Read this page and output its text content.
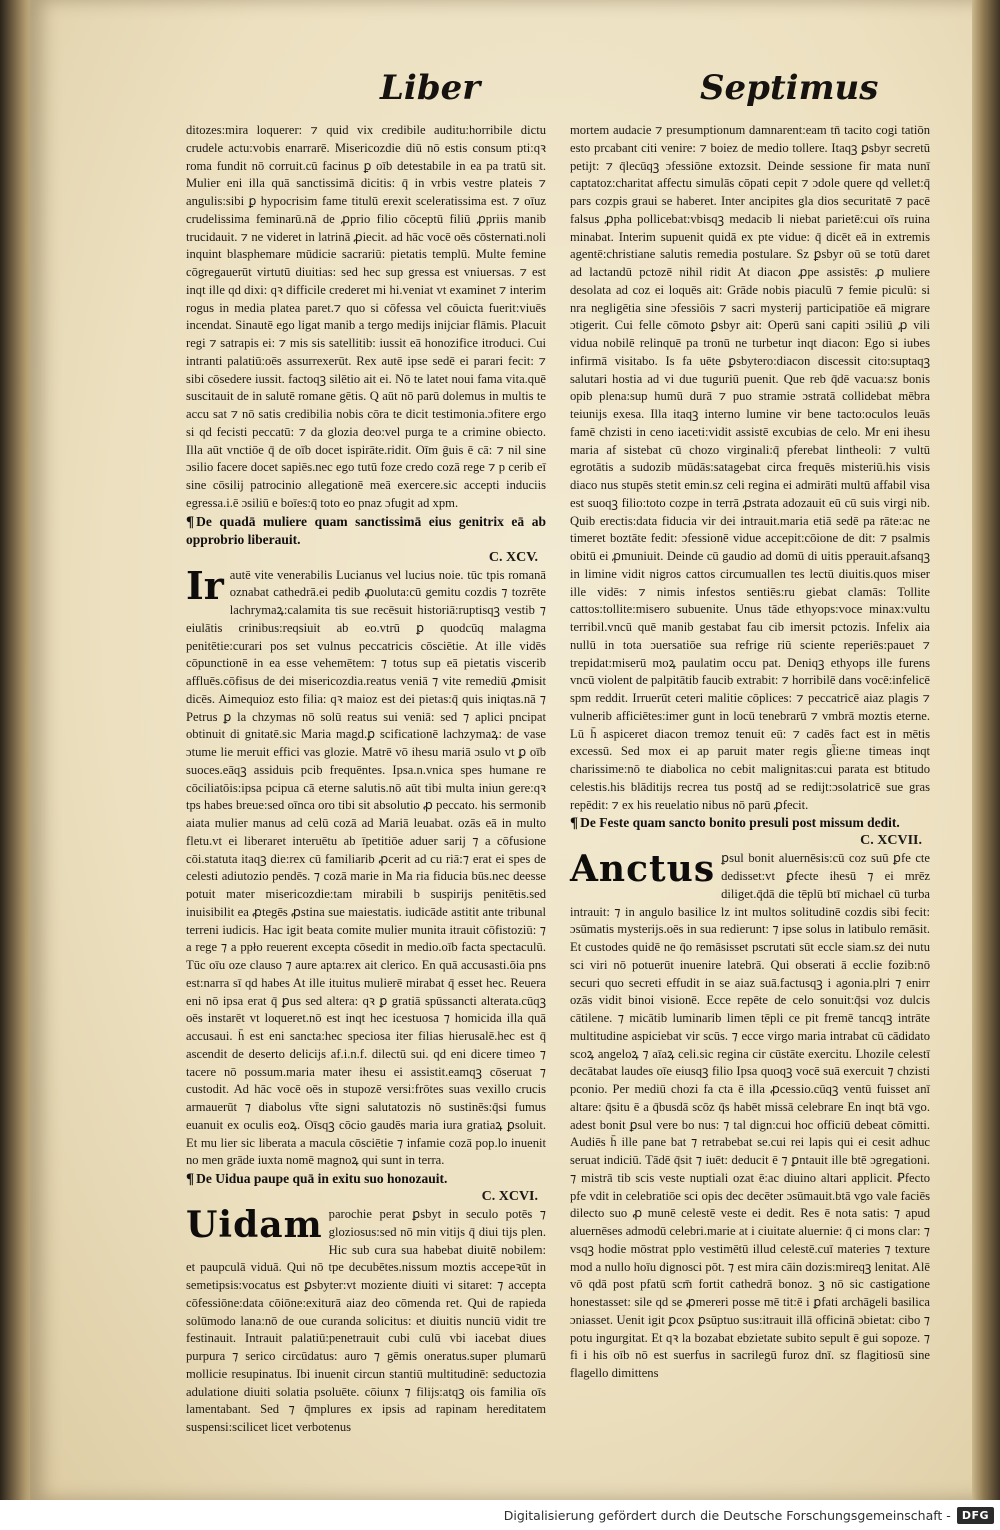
Liber	Septimus

ditozes:mira loquerer: ⁊ quid vix credibile auditu:horribile dictu crudele actu:vobis enarrarē. Misericozdie diū nō estis consum pti:qꝛ roma fundit nō corruit.cū facinus ꝑ oīb detestabile in ea pa tratū sit. Mulier eni illa quā sanctissimā dicitis: q̄ in vrbis vestre plateis ⁊ angulis:sibi ꝑ hypocrisim fame titulū erexit sceleratissima est. ⁊ oīuz crudelissima feminarū.nā de ꝓprio filio cōceptū filiū ꝓpriis manib trucidauit. ⁊ ne videret in latrinā ꝓiecit. ad hāc vocē oēs cōsternati.noli inquint blasphemare mūdicie sacrariū: pietatis templū. Multe femine cōgregauerūt virtutū diuitias: sed hec sup gressa est vniuersas. ⁊ est inqt ille qd dixi: qꝛ difficile crederet mi hi.veniat vt examinet ⁊ interim rogus in media platea paret.⁊ quo si cōfessa vel cōuicta fuerit:viuēs incendat. Sinautē ego ligat manib a tergo medijs inijciar flāmis. Placuit regi ⁊ satrapis ei: ⁊ mis sis satellitib: iussit eā honozifice itroduci. Cui intranti palatiū:oēs assurrexerūt. Rex autē ipse sedē ei parari fecit: ⁊ sibi cōsedere iussit. factoqꝫ silētio ait ei. Nō te latet noui fama vita.quē suscitauit de in salutē romane gētis. Q aūt nō parū dolemus in multis te accu sat ⁊ nō satis credibilia nobis cōra te dicit testimonia.ɔfitere ergo si qd fecisti peccatū: ⁊ da glozia deo:vel purga te a crimine obiecto. Illa aūt vnctiōe q̄ de oīb docet ispirāte.ridit. Oīm ḡuis ē cā: ⁊ nil sine ɔsilio facere docet sapiēs.nec ego tutū foze credo cozā rege ⁊ p cerib eī sine cōsilij patrocinio allegationē meā exercere.sic accepti induciis egressa.i.ē ɔsiliū e boīes:q̄ toto eo pnaz ɔfugit ad xpm.

¶ De quadā muliere quam sanctissimā eius genitrix eā ab opprobrio liberauit.
C. XCV.

Ir autē vite venerabilis Lucianus vel lucius noie. tūc tpis romanā oznabat cathedrā.ei pedib ꝓuoluta:cū gemitu cozdis ⁊ tozrēte lachrymaꝝ:calamita tis sue recēsuit historiā:ruptisqꝫ vestib ⁊ eiulātis crinibus:reqsiuit ab eo.vtrū ꝑ quodcūq malagma penitētie:curari pos set vulnus peccatricis cōsciētie. At ille vidēs cōpunctionē in ea esse vehemētem: ⁊ totus sup eā pietatis viscerib affluēs.cōfisus de dei misericozdia.reatus veniā ⁊ vite remediū ꝓmisit dicēs. Aimequioz esto filia: qꝛ maioz est dei pietas:q̄ quis iniqtas.nā ⁊ Petrus ꝑ la chzymas nō solū reatus sui veniā: sed ⁊ aplici pncipat obtinuit di gnitatē.sic Maria magd.ꝑ scificationē lachzymaꝝ: de vase ɔtume lie meruit effici vas glozie. Matrē vō ihesu mariā ɔsulo vt ꝑ oīb suoces.eāqꝫ assiduis pcib frequēntes. Ipsa.n.vnica spes humane re cōciliatōis:ipsa pcipua cā eterne salutis.nō aūt tibi multa iniun gere:qꝛ tps habes breue:sed oīnca oro tibi sit absolutio ꝓ peccato. his sermonib aiata mulier manus ad celū cozā ad Mariā leuabat. ozās eā in multo fletu.vt ei liberaret interuētu ab īpetitiōe aduer sarij ⁊ a cōfusione cōi.statuta itaqꝫ die:rex cū familiarib ꝓcerit ad cu riā:⁊ erat ei spes de celesti adiutozio pendēs. ⁊ cozā marie in Ma ria fiducia būs.nec deesse potuit mater misericozdie:tam mirabili b suspirijs penitētis.sed inuisibilit ea ꝓtegēs ꝓstina sue maiestatis. iudicāde astitit ante tribunal terreni iudicis. Hac igit beata comite mulier munita itrauit cōfistoziū: ⁊ a rege ⁊ a ppło reuerent excepta cōsedit in medio.oīb facta spectaculū. Tūc oīu oze clauso ⁊ aure apta:rex ait clerico. En quā accusasti.ōia pns est:narra sī qd habes At ille ituitus mulierē mirabat q̄ esset hec. Reuera eni nō ipsa erat q̄ ꝑus sed altera: qꝛ ꝑ gratiā spūssancti alterata.cūqꝫ oēs instarēt vt loqueret.nō est inqt hec icestuosa ⁊ homicida illa quā accusaui. h̄ est eni sancta:hec speciosa iter filias hierusalē.hec est q̄ ascendit de deserto delicijs af.i.n.f. dilectū sui. qd eni dicere timeo ⁊ tacere nō possum.maria mater ihesu ei assistit.eamqꝫ cōseruat ⁊ custodit. Ad hāc vocē oēs in stupozē versi:frōtes suas vexillo crucis armauerūt ⁊ diabolus vt̄te signi salutatozis nō sustinēs:q̄si fumus euanuit ex oculis eoꝝ. Oīsqꝫ cōcio gaudēs maria iura gratiaꝝ ꝑsoluit. Et mu lier sic liberata a macula cōsciētie ⁊ infamie cozā pop.lo inuenit no men grāde iuxta nomē magnoꝝ qui sunt in terra.

¶ De Uidua paupe quā in exitu suo honozauit.
C. XCVI.

Uidam parochie perat ꝑsbyt in seculo potēs ⁊ gloziosus:sed nō min vitijs q̄ diui tijs plen. Hic sub cura sua habebat diuitē nobilem: et paupculā viduā. Qui nō tpe decubētes.nissum moztis accepeꝛūt in semetipsis:vocatus est ꝑsbyter:vt moziente diuiti vi sitaret: ⁊ accepta cōfessiōne:data cōiōne:exiturā aiaz deo cōmenda ret. Qui de rapieda solūmodo lana:nō de oue curanda solicitus: et diuitis nunciū vidit tre festinauit. Intrauit palatiū:penetrauit cubi culū vbi iacebat diues purpura ⁊ serico circūdatus: auro ⁊ gēmis oneratus.super plumarū mollicie resupinatus. Ibi inuenit circun stantiū multitudinē: seductozia adulatione diuiti solatia psoluēte. cōiunx ⁊ filijs:atqꝫ ois familia oīs lamentabant. Sed ⁊ q̄mplures ex ipsis ad rapinam hereditatem suspensi:scilicet licet verbotenus

mortem audacie ⁊ presumptionum damnarent:eam tn̄ tacito cogi tatiōn esto prcabant citi venire: ⁊ boiez de medio tollere. Itaqꝫ ꝑsbyr secretū petijt: ⁊ q̄lecūqꝫ ɔfessiōne extozsit. Deinde sessione fir mata nunī captatoz:charitat affectu simulās cōpati cepit ⁊ ɔdole quere qd vellet:q̄ pars cozpis graui se haberet. Inter ancipites gla dios securitatē ⁊ pacē falsus ꝓpha pollicebat:vbisqꝫ medacib li niebat parietē:cui oīs ruina minabat. Interim supuenit quidā ex pte vidue: q̄ dicēt eā in extremis agentē:christiane salutis remedia postulare. Sz ꝑsbyr oū se totū daret ad lactandū pctozē nihil ridit At diacon ꝓpe assistēs: ꝓ muliere desolata ad coz ei loquēs ait: Grāde nobis piaculū ⁊ femie piculū: si nra negligētia sine ɔfessiōis ⁊ sacri mysterij participatiōe eā migrare ɔtigerit. Cui felle cōmoto ꝑsbyr ait: Operū sani capiti ɔsiliū ꝓ vili vidua nobilē relinquē pa tronū ne turbetur inqt diacon: Ego si iubes infirmā visitabo. Is fa uēte ꝑsbytero:diacon discessit cito:suptaqꝫ salutari hostia ad vi due tuguriū puenit. Que reb q̄dē vacua:sz bonis opib plena:sup humū durā ⁊ puo stramie ɔstratā collidebat mēbra teiunijs exesa. Illa itaqꝫ interno lumine vir bene tacto:oculos leuās famē chzisti in ceno iaceti:vidit assistē excubias de celo. Mr eni ihesu maria af sistebat cū chozo virginali:q̄ pferebat lintheoli: ⁊ vultū egrotātis a sudozib mūdās:satagebat circa frequēs misteriū.his visis diaco nus stupēs stetit emin.sz celi regina ei admirāti multū affabil visa est suoqꝫ filio:toto cozpe in terrā ꝓstrata adozauit eū cū suis virgi nib. Quib erectis:data fiducia vir dei intrauit.maria etiā sedē pa rāte:ac ne timeret boztāte fedit: ɔfessionē vidue accepit:cōione de dit: ⁊ psalmis obitū ei ꝓmuniuit. Deinde cū gaudio ad domū di uitis pperauit.afsanqꝫ in limine vidit nigros cattos circumuallen tes lectū diuitis.quos miser ille vidēs: ⁊ nimis infestos sentiēs:ru giebat clamās: Tollite cattos:tollite:misero subuenite. Unus tāde ethyops:voce minax:vultu terribil.vncū quē manib gestabat fau cib imersit pctozis. Infelix aia nullū in tota ɔuersatiōe sua refrige riū sciente reperiēs:pauet ⁊ trepidat:miserū moꝝ paulatim occu pat. Deniqꝫ ethyops ille furens vncū violent de palpitātib faucib extrabit: ⁊ horribilē dans vocē:infelicē spm reddit. Irruerūt ceteri malitie cōplices: ⁊ peccatricē aiaz plagis ⁊ vulnerib afficiētes:imer gunt in locū tenebrarū ⁊ vmbrā moztis eterne. Lū h̄ aspiceret diacon tremoz tenuit eū: ⁊ cadēs fact est in mētis excessū. Sed mox ei ap paruit mater regis gl̄ie:ne timeas inqt charissime:nō te diabolica no cebit malignitas:cui parata est btitudo celestis.his blāditijs recrea tus postq̄ ad se redijt:ɔsolatricē sue gras repēdit: ⁊ ex his reuelatio nibus nō parū ꝓfecit.

¶ De Feste quam sancto bonito presuli post missum dedit.
C. XCVII.

Anctus ꝑsul bonit aluernēsis:cū coz suū ꝑfe cte dedisset:vt ꝑfecte ihesū ⁊ ei mrēz diliget.q̄dā die tēplū btī michael cū turba intrauit: ⁊ in angulo basilice lz int multos solitudinē cozdis sibi fecit: ɔsūmatis mysterijs.oēs in sua redierunt: ⁊ ipse solus in latibulo remāsit. Et custodes quidē ne q̄o remāsisset pscrutati sūt eccle siam.sz dei nutu sci viri nō potuerūt inuenire latebrā. Qui obserati ā ecclie fozib:nō securi quo secreti effudit in se aiaz suā.factusqꝫ i agonia.plri ⁊ enirr ozās vidit binoi visionē. Ecce repēte de celo sonuit:q̄si voz dulcis cātilene. ⁊ micātib luminarib limen tēpli ce pit fremē tancqꝫ intrāte multitudine aspiciebat vir scūs. ⁊ ecce virgo maria intrabat cū cādidato scoꝝ angeloꝝ ⁊ aīaꝝ celi.sic regina cir cūstāte exercitu. Lhozile celestī decātabat laudes oīe eiusqꝫ filio Ipsa quoqꝫ vocē suā exercuit ⁊ chzisti pconio. Per mediū chozi fa cta ē illa ꝓcessio.cūqꝫ ventū fuisset anī altare: q̄situ ē a q̄busdā scōz q̄s habēt missā celebrare En inqt btā vgo. adest bonit ꝑsul vere bo nus: ⁊ tal dign:cui hoc officiū debeat cōmitti. Audiēs h̄ ille pane bat ⁊ retrabebat se.cui rei lapis qui ei cesit adhuc seruat indiciū. Tādē q̄sit ⁊ iuēt: deducit ē ⁊ ꝑntauit ille btē ɔgregationi. ⁊ mistrā tib scis veste nuptiali ozat ē:ac diuino altari applicit. Ꝑfecto pfe vdit in celebratiōe sci opis dec decēter ɔsūmauit.btā vgo vale faciēs dilecto suo ꝓ munē celestē veste ei dedit. Res ē nota satis: ⁊ apud aluernēses admodū celebri.marie at i ciuitate aluernie: q̄ ci mons clar: ⁊ vsqꝫ hodie mōstrat pplo vestimētū illud celestē.cuī materies ⁊ texture mod a nullo hoīu dignosci pōt. ⁊ est mira cāin dozis:mireqꝫ lenitat. Alē vō qdā post pfatū scm̄ fortit cathedrā bonoz. ꝫ nō sic castigatione honestasset: sile qd se ꝓmereri posse mē tit:ē i ꝑfati archāgeli basilica ɔniasset. Uenit igit ꝑcox ꝑsūptuo sus:itrauit illā officinā ɔbietat: cibo ⁊ potu ingurgitat. Et qꝛ la bozabat ebzietate subito sepult ē gui sopoze. ⁊ fi i his oīb nō est suerfus in sacrilegū furoz dnī. sz flagitiosū sine flagello dimittens

Digitalisierung gefördert durch die Deutsche Forschungsgemeinschaft -	DFG
